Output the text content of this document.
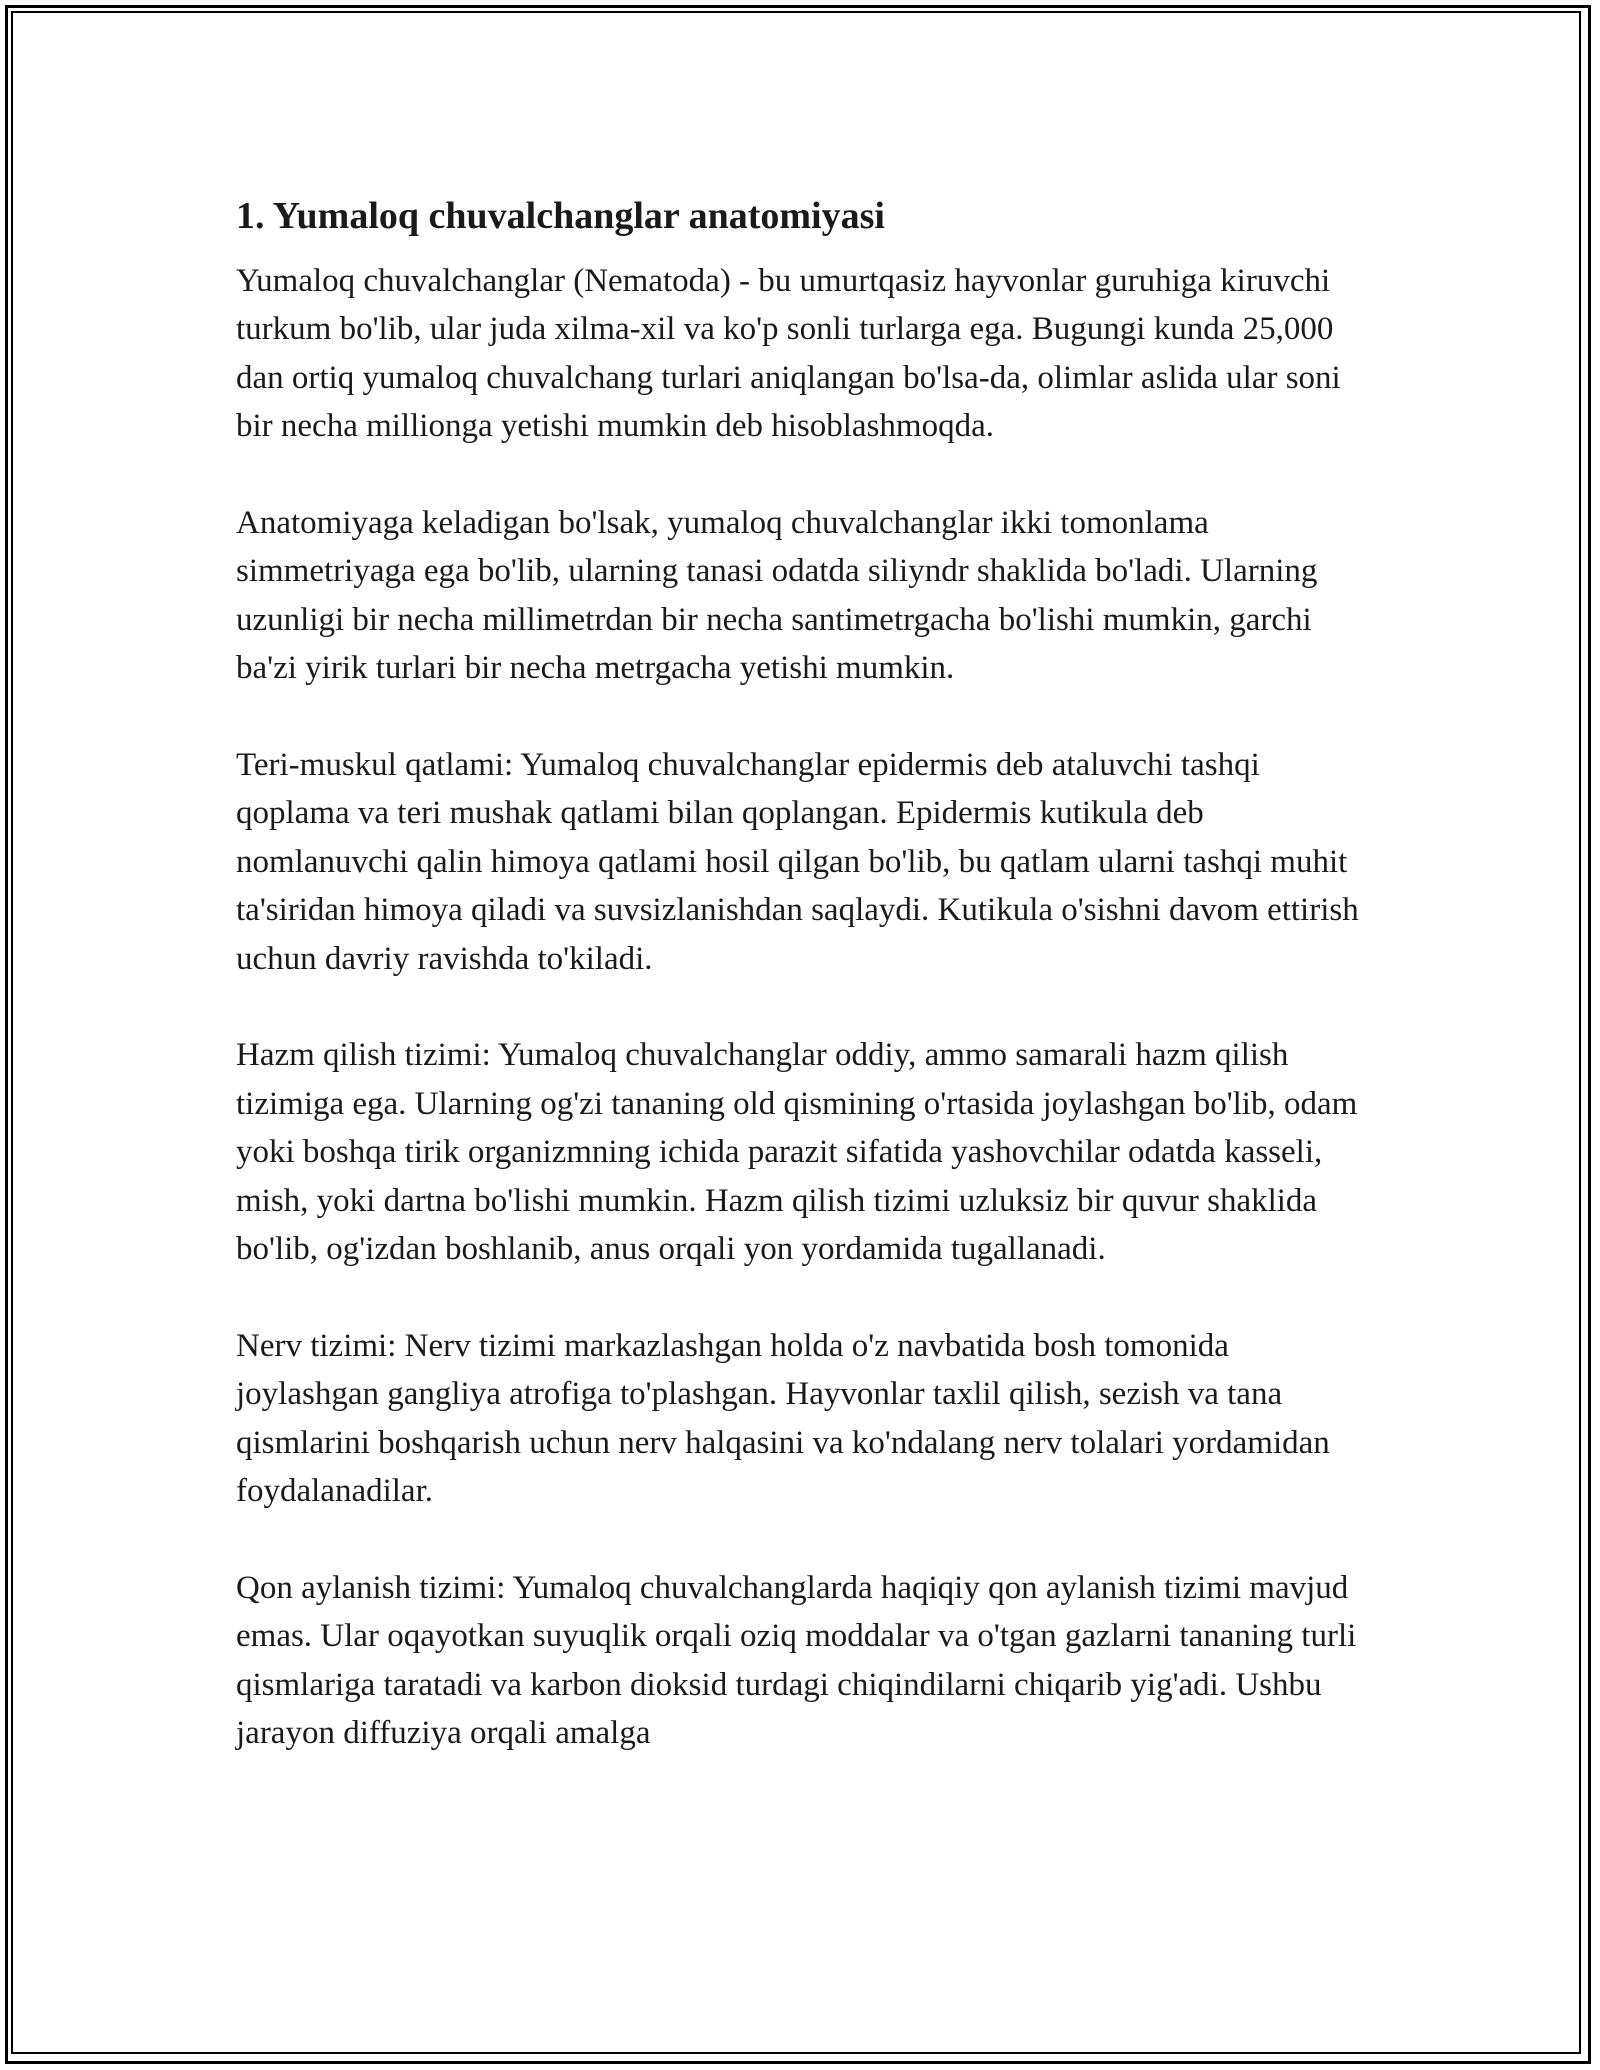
1. Yumaloq chuvalchanglar anatomiyasi

Yumaloq chuvalchanglar (Nematoda) - bu umurtqasiz hayvonlar guruhiga kiruvchi turkum bo'lib, ular juda xilma-xil va ko'p sonli turlarga ega. Bugungi kunda 25,000 dan ortiq yumaloq chuvalchang turlari aniqlangan bo'lsa-da, olimlar aslida ular soni bir necha millionga yetishi mumkin deb hisoblashmoqda.

Anatomiyaga keladigan bo'lsak, yumaloq chuvalchanglar ikki tomonlama simmetriyaga ega bo'lib, ularning tanasi odatda siliyndr shaklida bo'ladi. Ularning uzunligi bir necha millimetrdan bir necha santimetrgacha bo'lishi mumkin, garchi ba'zi yirik turlari bir necha metrgacha yetishi mumkin.

Teri-muskul qatlami: Yumaloq chuvalchanglar epidermis deb ataluvchi tashqi qoplama va teri mushak qatlami bilan qoplangan. Epidermis kutikula deb nomlanuvchi qalin himoya qatlami hosil qilgan bo'lib, bu qatlam ularni tashqi muhit ta'siridan himoya qiladi va suvsizlanishdan saqlaydi. Kutikula o'sishni davom ettirish uchun davriy ravishda to'kiladi.

Hazm qilish tizimi: Yumaloq chuvalchanglar oddiy, ammo samarali hazm qilish tizimiga ega. Ularning og'zi tananing old qismining o'rtasida joylashgan bo'lib, odam yoki boshqa tirik organizmning ichida parazit sifatida yashovchilar odatda kasseli, mish, yoki dartna bo'lishi mumkin. Hazm qilish tizimi uzluksiz bir quvur shaklida bo'lib, og'izdan boshlanib, anus orqali yon yordamida tugallanadi.

Nerv tizimi: Nerv tizimi markazlashgan holda o'z navbatida bosh tomonida joylashgan gangliya atrofiga to'plashgan. Hayvonlar taxlil qilish, sezish va tana qismlarini boshqarish uchun nerv halqasini va ko'ndalang nerv tolalari yordamidan foydalanadilar.

Qon aylanish tizimi: Yumaloq chuvalchanglarda haqiqiy qon aylanish tizimi mavjud emas. Ular oqayotkan suyuqlik orqali oziq moddalar va o'tgan gazlarni tananing turli qismlariga taratadi va karbon dioksid turdagi chiqindilarni chiqarib yig'adi. Ushbu jarayon diffuziya orqali amalga
